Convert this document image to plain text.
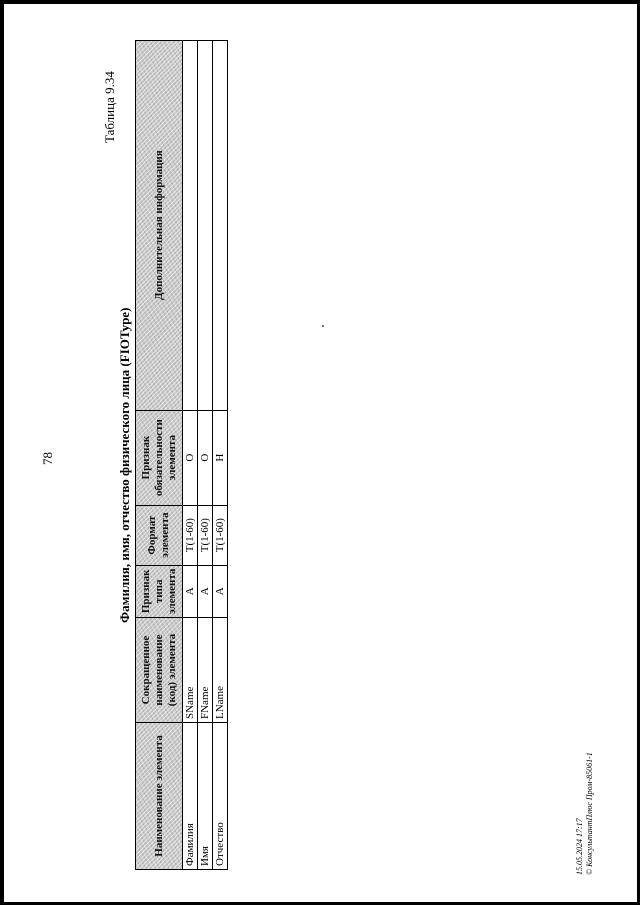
78
Таблица 9.34
Фамилия, имя, отчество физического лица (FIOType)
Наименование элемента	Сокращенное наименование (код) элемента	Признак типа элемента	Формат элемента	Признак обязательности элемента	Дополнительная информация
Фамилия	SName	А	T(1-60)	О	
Имя	FName	А	T(1-60)	О	
Отчество	LName	А	T(1-60)	Н	
15.05.2024 17:17 © КонсультантПлюс Пром-85061-1
